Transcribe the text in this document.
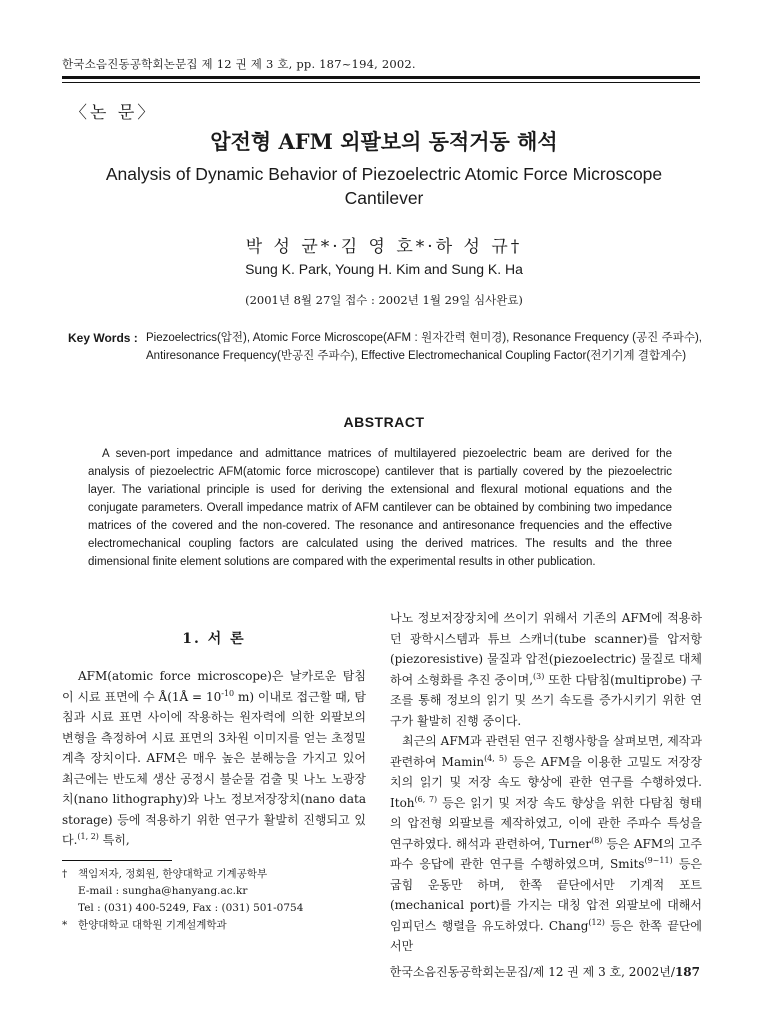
한국소음진동공학회논문집 제 12 권 제 3 호, pp. 187~194, 2002.
〈논 문〉
압전형 AFM 외팔보의 동적거동 해석
Analysis of Dynamic Behavior of Piezoelectric Atomic Force Microscope Cantilever
박 성 균*·김 영 호*·하 성 규†
Sung K. Park, Young H. Kim and Sung K. Ha
(2001년 8월 27일 접수 : 2002년 1월 29일 심사완료)
Key Words : Piezoelectrics(압전), Atomic Force Microscope(AFM : 원자간력 현미경), Resonance Frequency (공진 주파수), Antiresonance Frequency(반공진 주파수), Effective Electromechanical Coupling Factor(전기기계 결합계수)
ABSTRACT
A seven-port impedance and admittance matrices of multilayered piezoelectric beam are derived for the analysis of piezoelectric AFM(atomic force microscope) cantilever that is partially covered by the piezoelectric layer. The variational principle is used for deriving the extensional and flexural motional equations and the conjugate parameters. Overall impedance matrix of AFM cantilever can be obtained by combining two impedance matrices of the covered and the non-covered. The resonance and antiresonance frequencies and the effective electromechanical coupling factors are calculated using the derived matrices. The results and the three dimensional finite element solutions are compared with the experimental results in other publication.
1. 서 론
AFM(atomic force microscope)은 날카로운 탐침이 시료 표면에 수 Å(1Å = $10^{-10}$ m) 이내로 접근할 때, 탐침과 시료 표면 사이에 작용하는 원자력에 의한 외팔보의 변형을 측정하여 시료 표면의 3차원 이미지를 얻는 초정밀 계측 장치이다. AFM은 매우 높은 분해능을 가지고 있어 최근에는 반도체 생산 공정시 불순물 검출 및 나노 노광장치(nano lithography)와 나노 정보저장장치(nano data storage) 등에 적용하기 위한 연구가 활발히 진행되고 있다.$^{(1, 2)}$ 특히,

나노 정보저장장치에 쓰이기 위해서 기존의 AFM에 적용하던 광학시스템과 튜브 스캐너(tube scanner)를 압저항(piezoresistive) 물질과 압전(piezoelectric) 물질로 대체하여 소형화를 추진 중이며,$^{(3)}$ 또한 다탐침(multiprobe) 구조를 통해 정보의 읽기 및 쓰기 속도를 증가시키기 위한 연구가 활발히 진행 중이다.

최근의 AFM과 관련된 연구 진행사항을 살펴보면, 제작과 관련하여 Mamin$^{(4, 5)}$ 등은 AFM을 이용한 고밀도 저장장치의 읽기 및 저장 속도 향상에 관한 연구를 수행하였다. Itoh$^{(6, 7)}$ 등은 읽기 및 저장 속도 향상을 위한 다탐침 형태의 압전형 외팔보를 제작하였고, 이에 관한 주파수 특성을 연구하였다. 해석과 관련하여, Turner$^{(8)}$ 등은 AFM의 고주파수 응답에 관한 연구를 수행하였으며, Smits$^{(9\sim 11)}$ 등은 굽힘 운동만 하며, 한쪽 끝단에서만 기계적 포트(mechanical port)를 가지는 대칭 압전 외팔보에 대해서 임피던스 행렬을 유도하였다. Chang$^{(12)}$ 등은 한쪽 끝단에서만

† 책임저자, 정회원, 한양대학교 기계공학부
E-mail : sungha@hanyang.ac.kr
Tel : (031) 400-5249, Fax : (031) 501-0754
* 한양대학교 대학원 기계설계학과
한국소음진동공학회논문집/제 12 권 제 3 호, 2002년/187
